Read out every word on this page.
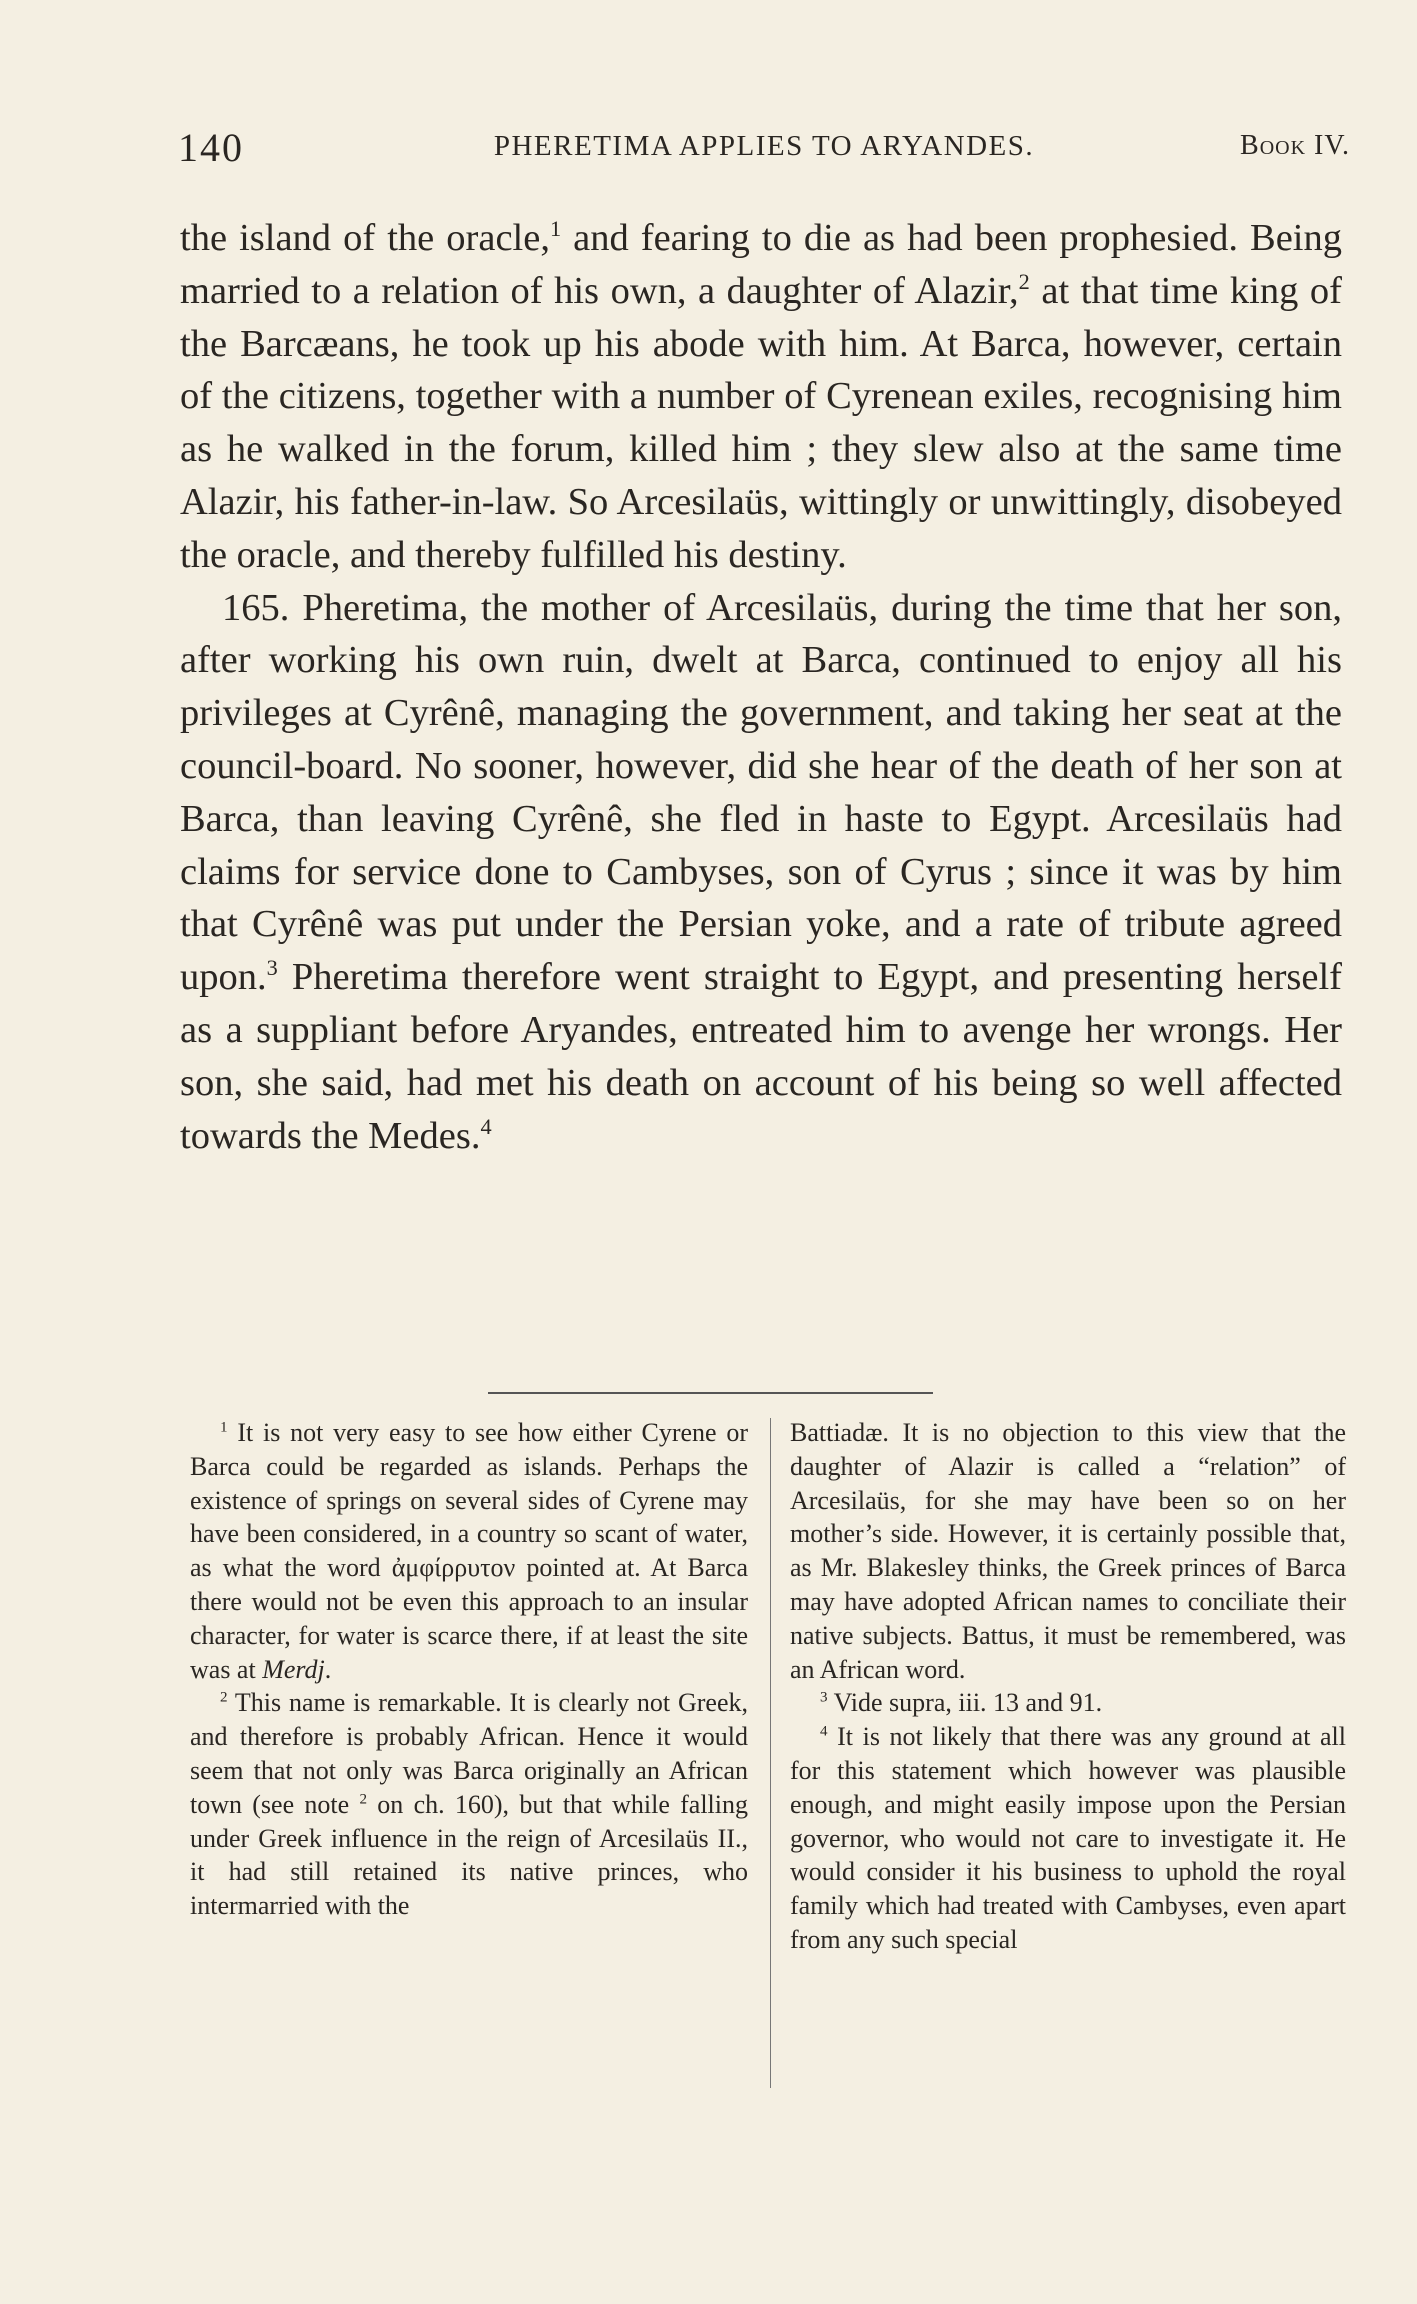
140	PHERETIMA APPLIES TO ARYANDES.	Book IV.

the island of the oracle,$^1$ and fearing to die as had been prophesied. Being married to a relation of his own, a daughter of Alazir,$^2$ at that time king of the Barcæans, he took up his abode with him. At Barca, however, certain of the citizens, together with a number of Cyrenean exiles, recognising him as he walked in the forum, killed him ; they slew also at the same time Alazir, his father-in-law. So Arcesilaüs, wittingly or unwittingly, disobeyed the oracle, and thereby fulfilled his destiny.

165. Pheretima, the mother of Arcesilaüs, during the time that her son, after working his own ruin, dwelt at Barca, continued to enjoy all his privileges at Cyrênê, managing the government, and taking her seat at the council-board. No sooner, however, did she hear of the death of her son at Barca, than leaving Cyrênê, she fled in haste to Egypt. Arcesilaüs had claims for service done to Cambyses, son of Cyrus ; since it was by him that Cyrênê was put under the Persian yoke, and a rate of tribute agreed upon.$^3$ Pheretima therefore went straight to Egypt, and presenting herself as a suppliant before Aryandes, entreated him to avenge her wrongs. Her son, she said, had met his death on account of his being so well affected towards the Medes.$^4$

$^1$ It is not very easy to see how either Cyrene or Barca could be regarded as islands. Perhaps the existence of springs on several sides of Cyrene may have been considered, in a country so scant of water, as what the word ἀμφίρρυτον pointed at. At Barca there would not be even this approach to an insular character, for water is scarce there, if at least the site was at Merdj.

$^2$ This name is remarkable. It is clearly not Greek, and therefore is probably African. Hence it would seem that not only was Barca originally an African town (see note $^2$ on ch. 160), but that while falling under Greek influence in the reign of Arcesilaüs II., it had still retained its native princes, who intermarried with the

Battiadæ. It is no objection to this view that the daughter of Alazir is called a “relation” of Arcesilaüs, for she may have been so on her mother’s side. However, it is certainly possible that, as Mr. Blakesley thinks, the Greek princes of Barca may have adopted African names to conciliate their native subjects. Battus, it must be remembered, was an African word.

$^3$ Vide supra, iii. 13 and 91.

$^4$ It is not likely that there was any ground at all for this statement which however was plausible enough, and might easily impose upon the Persian governor, who would not care to investigate it. He would consider it his business to uphold the royal family which had treated with Cambyses, even apart from any such special
